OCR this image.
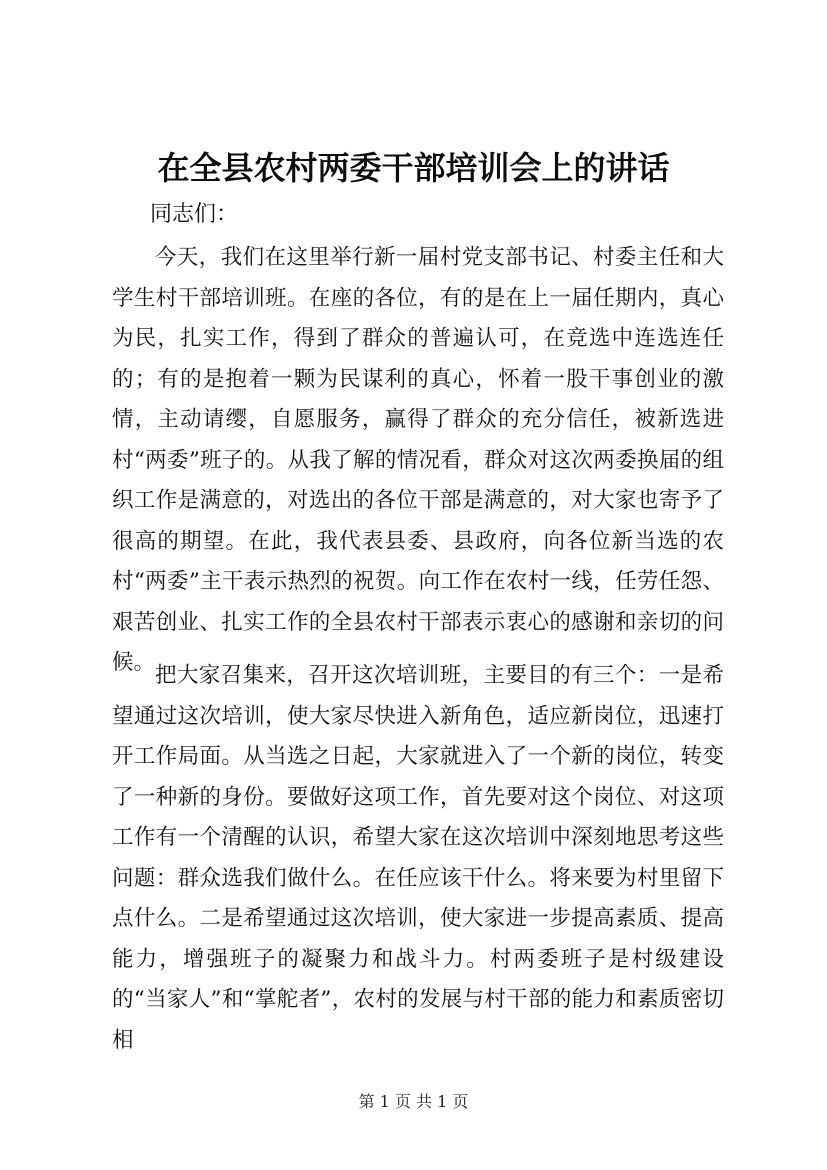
在全县农村两委干部培训会上的讲话
同志们：

今天，我们在这里举行新一届村党支部书记、村委主任和大学生村干部培训班。在座的各位，有的是在上一届任期内，真心为民，扎实工作，得到了群众的普遍认可，在竞选中连选连任的；有的是抱着一颗为民谋利的真心，怀着一股干事创业的激情，主动请缨，自愿服务，赢得了群众的充分信任，被新选进村“两委”班子的。从我了解的情况看，群众对这次两委换届的组织工作是满意的，对选出的各位干部是满意的，对大家也寄予了很高的期望。在此，我代表县委、县政府，向各位新当选的农村“两委”主干表示热烈的祝贺。向工作在农村一线，任劳任怨、艰苦创业、扎实工作的全县农村干部表示衷心的感谢和亲切的问候。

把大家召集来，召开这次培训班，主要目的有三个：一是希望通过这次培训，使大家尽快进入新角色，适应新岗位，迅速打开工作局面。从当选之日起，大家就进入了一个新的岗位，转变了一种新的身份。要做好这项工作，首先要对这个岗位、对这项工作有一个清醒的认识，希望大家在这次培训中深刻地思考这些问题：群众选我们做什么。在任应该干什么。将来要为村里留下点什么。二是希望通过这次培训，使大家进一步提高素质、提高能力，增强班子的凝聚力和战斗力。村两委班子是村级建设的“当家人”和“掌舵者”，农村的发展与村干部的能力和素质密切相

第 1 页 共 1 页
